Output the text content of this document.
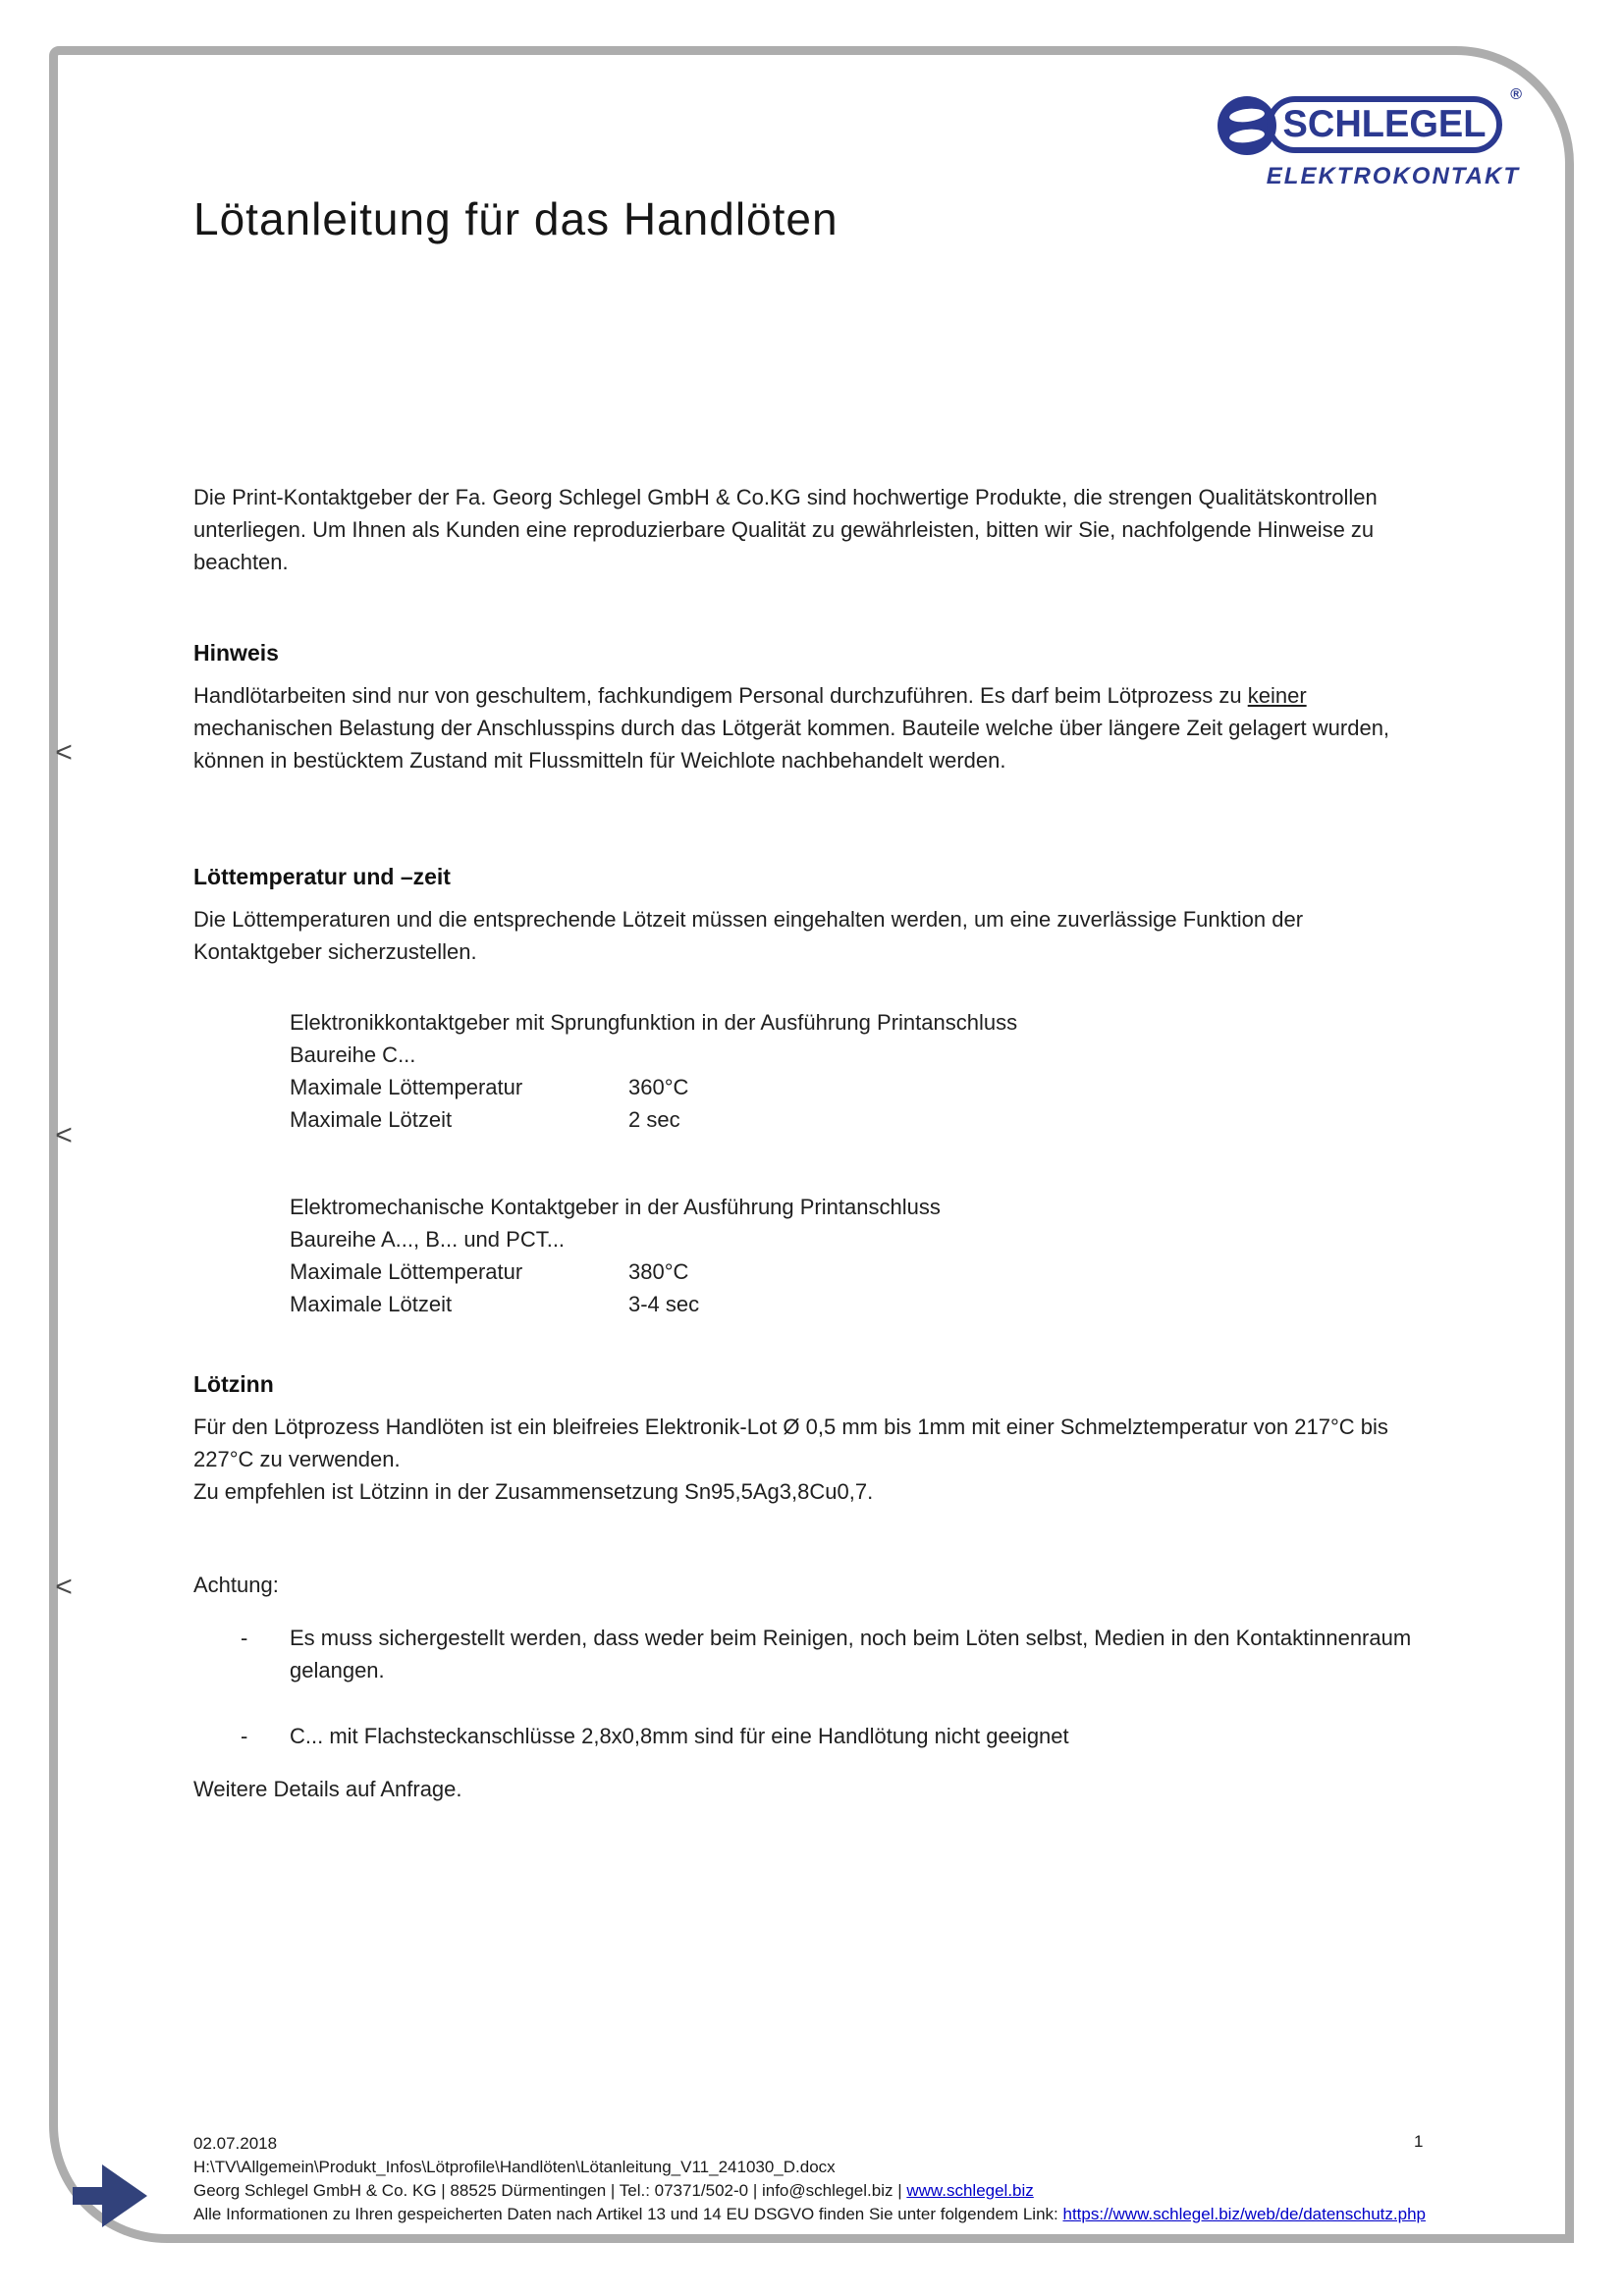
<
<
<
SCHLEGEL
®
ELEKTROKONTAKT
Lötanleitung für das Handlöten

Die Print-Kontaktgeber der Fa. Georg Schlegel GmbH & Co.KG sind hochwertige Produkte, die strengen Qualitätskontrollen unterliegen. Um Ihnen als Kunden eine reproduzierbare Qualität zu gewährleisten, bitten wir Sie, nachfolgende Hinweise zu beachten.

Hinweis

Handlötarbeiten sind nur von geschultem, fachkundigem Personal durchzuführen. Es darf beim Lötprozess zu keiner mechanischen Belastung der Anschlusspins durch das Lötgerät kommen. Bauteile welche über längere Zeit gelagert wurden, können in bestücktem Zustand mit Flussmitteln für Weichlote nachbehandelt werden.

Löttemperatur und –zeit

Die Löttemperaturen und die entsprechende Lötzeit müssen eingehalten werden, um eine zuverlässige Funktion der Kontaktgeber sicherzustellen.

Elektronikkontaktgeber mit Sprungfunktion in der Ausführung Printanschluss
Baureihe C...
Maximale Löttemperatur	360°C
Maximale Lötzeit	2 sec
Elektromechanische Kontaktgeber in der Ausführung Printanschluss
Baureihe A..., B... und PCT...
Maximale Löttemperatur	380°C
Maximale Lötzeit	3-4 sec
Lötzinn

Für den Lötprozess Handlöten ist ein bleifreies Elektronik-Lot Ø 0,5 mm bis 1mm mit einer Schmelztemperatur von 217°C bis 227°C zu verwenden.

Zu empfehlen ist Lötzinn in der Zusammensetzung Sn95,5Ag3,8Cu0,7.

Achtung:

-	Es muss sichergestellt werden, dass weder beim Reinigen, noch beim Löten selbst, Medien in den Kontaktinnenraum gelangen.
-	C... mit Flachsteckanschlüsse 2,8x0,8mm sind für eine Handlötung nicht geeignet

Weitere Details auf Anfrage.

02.07.2018
H:\TV\Allgemein\Produkt_Infos\Lötprofile\Handlöten\Lötanleitung_V11_241030_D.docx
Georg Schlegel GmbH & Co. KG | 88525 Dürmentingen | Tel.: 07371/502-0 | info@schlegel.biz | www.schlegel.biz
Alle Informationen zu Ihren gespeicherten Daten nach Artikel 13 und 14 EU DSGVO finden Sie unter folgendem Link: https://www.schlegel.biz/web/de/datenschutz.php
1
